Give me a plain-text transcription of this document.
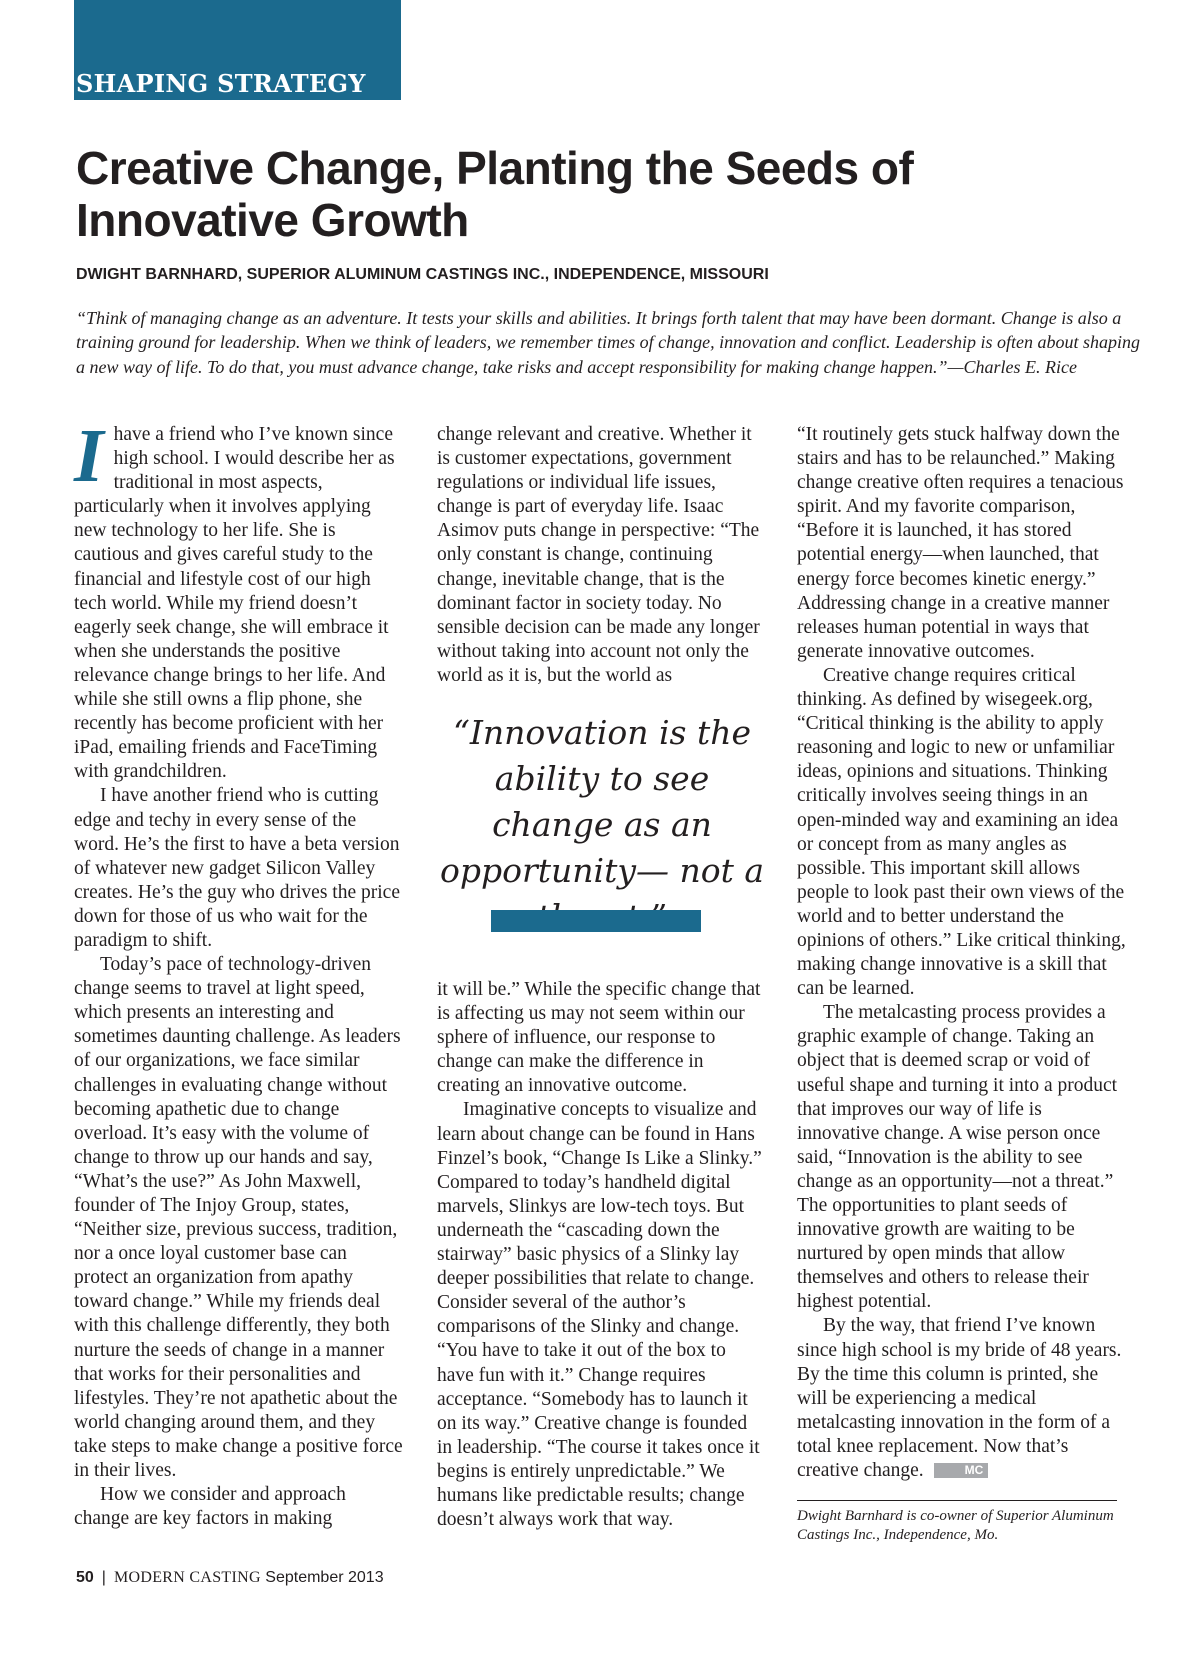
SHAPING STRATEGY
Creative Change, Planting the Seeds of Innovative Growth
DWIGHT BARNHARD, SUPERIOR ALUMINUM CASTINGS INC., INDEPENDENCE, MISSOURI
“Think of managing change as an adventure. It tests your skills and abilities. It brings forth talent that may have been dormant. Change is also a training ground for leadership. When we think of leaders, we remember times of change, innovation and conflict. Leadership is often about shaping a new way of life. To do that, you must advance change, take risks and accept responsibility for making change happen.”—Charles E. Rice

Ihave a friend who I’ve known since high school. I would describe her as traditional in most aspects, particularly when it involves applying new technology to her life. She is cautious and gives careful study to the financial and lifestyle cost of our high tech world. While my friend doesn’t eagerly seek change, she will embrace it when she understands the positive relevance change brings to her life. And while she still owns a flip phone, she recently has become proficient with her iPad, emailing friends and FaceTiming with grandchildren.

I have another friend who is cutting edge and techy in every sense of the word. He’s the first to have a beta version of whatever new gadget Silicon Valley creates. He’s the guy who drives the price down for those of us who wait for the paradigm to shift.

Today’s pace of technology-driven change seems to travel at light speed, which presents an interesting and sometimes daunting challenge. As leaders of our organizations, we face similar challenges in evaluating change without becoming apathetic due to change overload. It’s easy with the volume of change to throw up our hands and say, “What’s the use?” As John Maxwell, founder of The Injoy Group, states, “Neither size, previous success, tradition, nor a once loyal customer base can protect an organization from apathy toward change.” While my friends deal with this challenge differently, they both nurture the seeds of change in a manner that works for their personalities and lifestyles. They’re not apathetic about the world changing around them, and they take steps to make change a positive force in their lives.

How we consider and approach change are key factors in making

change relevant and creative. Whether it is customer expectations, government regulations or individual life issues, change is part of everyday life. Isaac Asimov puts change in perspective: “The only constant is change, continuing change, inevitable change, that is the dominant factor in society today. No sensible decision can be made any longer without taking into account not only the world as it is, but the world as

“Innovation is the ability to see change as an opportunity— not a

it will be.” While the specific change that is affecting us may not seem within our sphere of influence, our response to change can make the difference in creating an innovative outcome.

Imaginative concepts to visualize and learn about change can be found in Hans Finzel’s book, “Change Is Like a Slinky.” Compared to today’s handheld digital marvels, Slinkys are low-tech toys. But underneath the “cascading down the stairway” basic physics of a Slinky lay deeper possibilities that relate to change. Consider several of the author’s comparisons of the Slinky and change. “You have to take it out of the box to have fun with it.” Change requires acceptance. “Somebody has to launch it on its way.” Creative change is founded in leadership. “The course it takes once it begins is entirely unpredictable.” We humans like predictable results; change doesn’t always work that way.

“It routinely gets stuck halfway down the stairs and has to be relaunched.” Making change creative often requires a tenacious spirit. And my favorite comparison, “Before it is launched, it has stored potential energy—when launched, that energy force becomes kinetic energy.” Addressing change in a creative manner releases human potential in ways that generate innovative outcomes.

Creative change requires critical thinking. As defined by wisegeek.org, “Critical thinking is the ability to apply reasoning and logic to new or unfamiliar ideas, opinions and situations. Thinking critically involves seeing things in an open-minded way and examining an idea or concept from as many angles as possible. This important skill allows people to look past their own views of the world and to better understand the opinions of others.” Like critical thinking, making change innovative is a skill that can be learned.

The metalcasting process provides a graphic example of change. Taking an object that is deemed scrap or void of useful shape and turning it into a product that improves our way of life is innovative change. A wise person once said, “Innovation is the ability to see change as an opportunity—not a threat.” The opportunities to plant seeds of innovative growth are waiting to be nurtured by open minds that allow themselves and others to release their highest potential.

By the way, that friend I’ve known since high school is my bride of 48 years. By the time this column is printed, she will be experiencing a medical metalcasting innovation in the form of a total knee replacement. Now that’s creative change.	MC

Dwight Barnhard is co-owner of Superior Aluminum Castings Inc., Independence, Mo.
50 | MODERN CASTING September 2013
